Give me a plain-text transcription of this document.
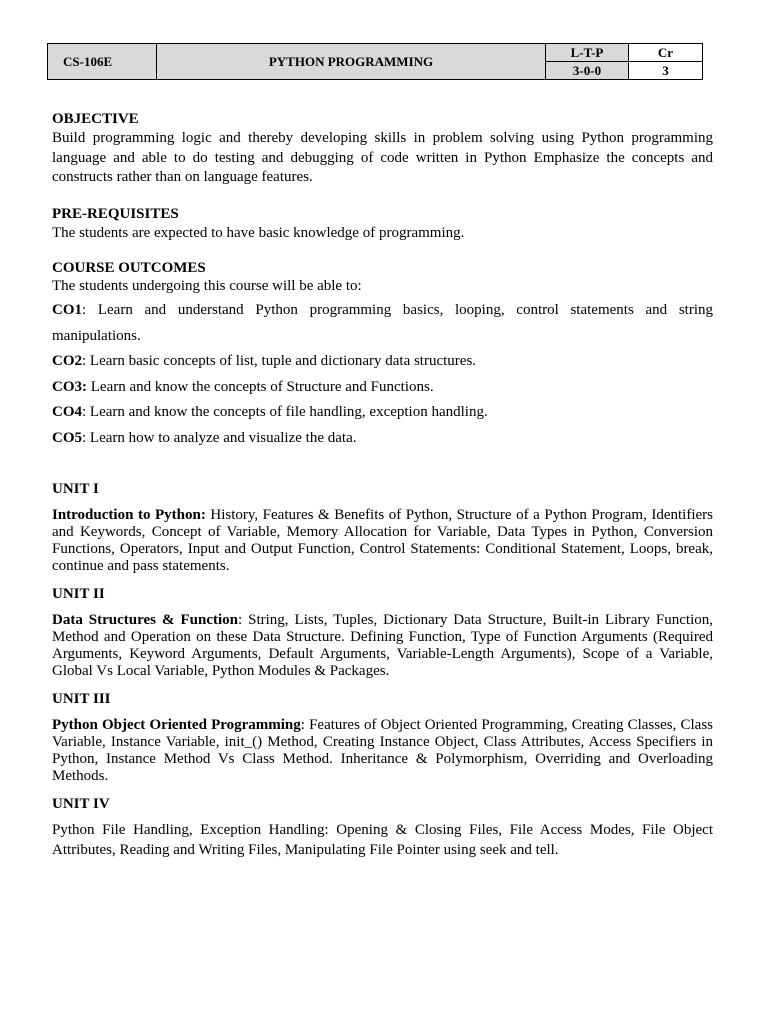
CS-106E	PYTHON PROGRAMMING	L-T-P	Cr
		3-0-0	3

OBJECTIVE

Build programming logic and thereby developing skills in problem solving using Python programming language and able to do testing and debugging of code written in Python Emphasize the concepts and constructs rather than on language features.

PRE-REQUISITES

The students are expected to have basic knowledge of programming.

COURSE OUTCOMES

The students undergoing this course will be able to:

CO1: Learn and understand Python programming basics, looping, control statements and string manipulations.

CO2: Learn basic concepts of list, tuple and dictionary data structures.

CO3: Learn and know the concepts of Structure and Functions.

CO4: Learn and know the concepts of file handling, exception handling.

CO5: Learn how to analyze and visualize the data.

UNIT I

Introduction to Python: History, Features & Benefits of Python, Structure of a Python Program, Identifiers and Keywords, Concept of Variable, Memory Allocation for Variable, Data Types in Python, Conversion Functions, Operators, Input and Output Function, Control Statements: Conditional Statement, Loops, break, continue and pass statements.

UNIT II

Data Structures & Function: String, Lists, Tuples, Dictionary Data Structure, Built-in Library Function, Method and Operation on these Data Structure. Defining Function, Type of Function Arguments (Required Arguments, Keyword Arguments, Default Arguments, Variable-Length Arguments), Scope of a Variable, Global Vs Local Variable, Python Modules & Packages.

UNIT III

Python Object Oriented Programming: Features of Object Oriented Programming, Creating Classes, Class Variable, Instance Variable, init_() Method, Creating Instance Object, Class Attributes, Access Specifiers in Python, Instance Method Vs Class Method. Inheritance & Polymorphism, Overriding and Overloading Methods.

UNIT IV

Python File Handling, Exception Handling: Opening & Closing Files, File Access Modes, File Object Attributes, Reading and Writing Files, Manipulating File Pointer using seek and tell.
